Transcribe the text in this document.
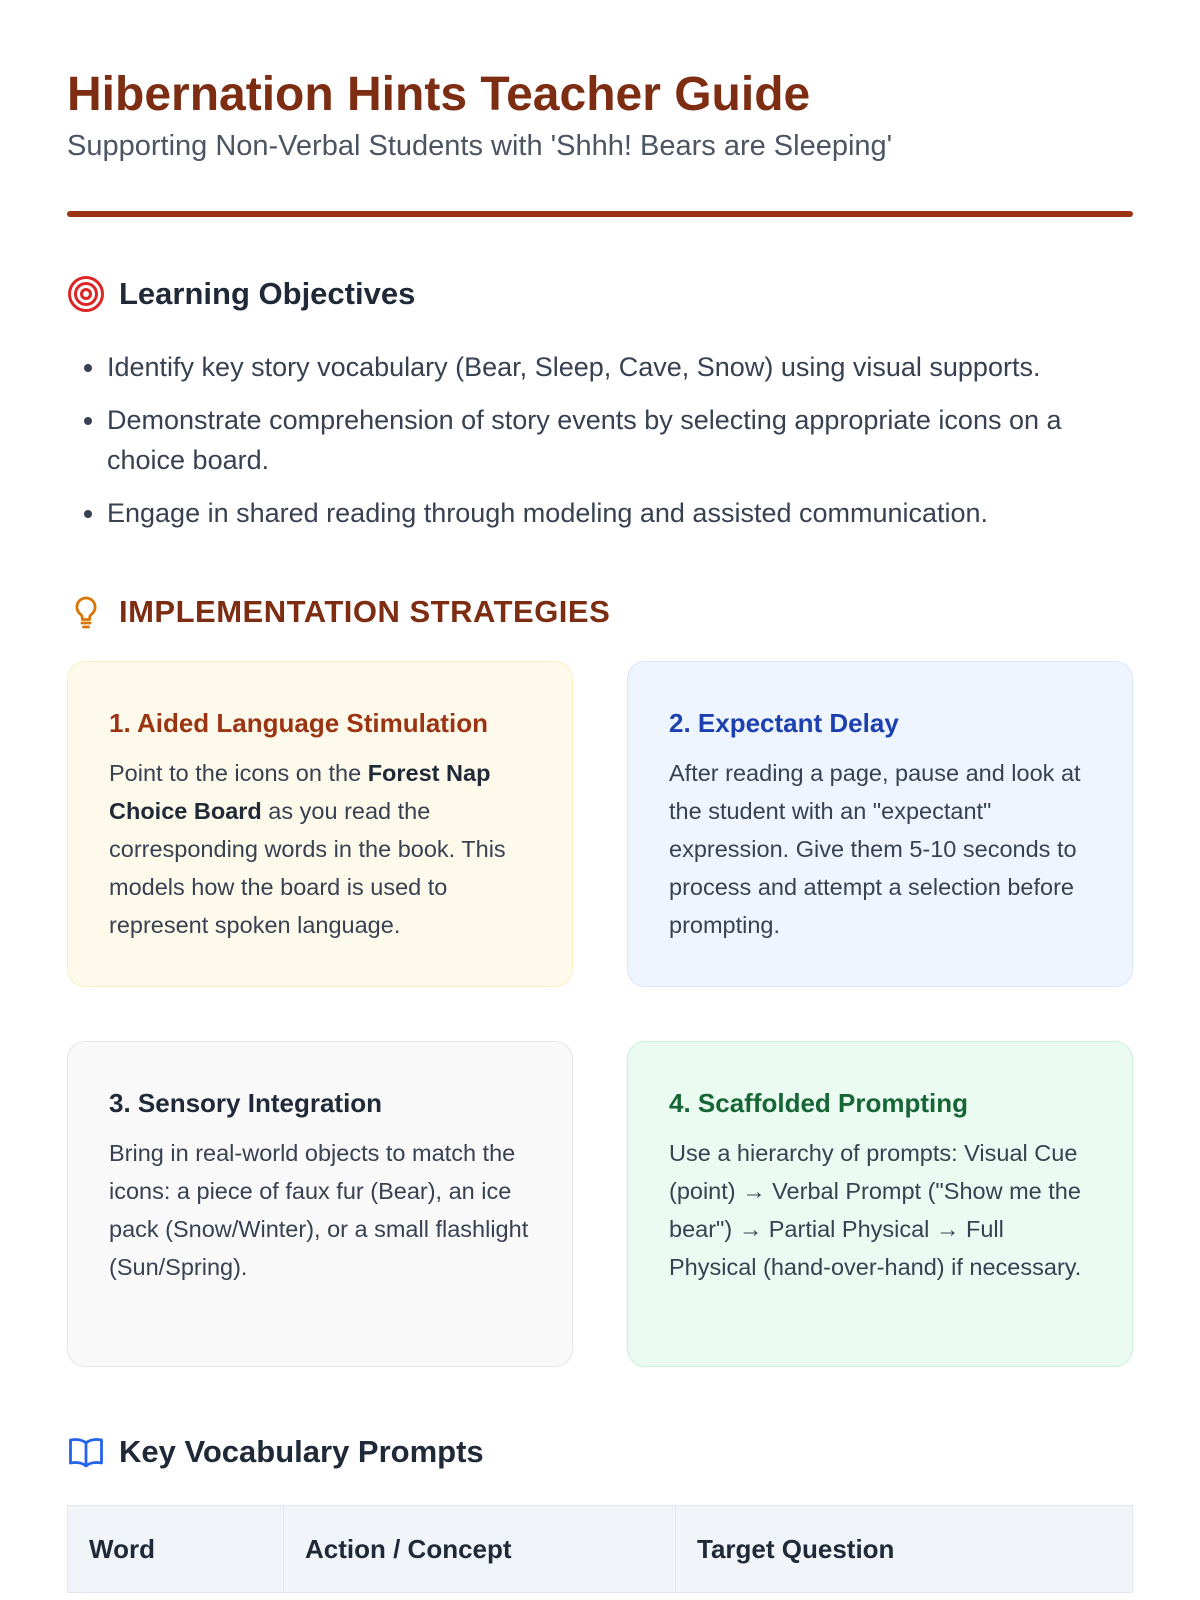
Hibernation Hints Teacher Guide
Supporting Non-Verbal Students with 'Shhh! Bears are Sleeping'
Learning Objectives
• Identify key story vocabulary (Bear, Sleep, Cave, Snow) using visual supports.
• Demonstrate comprehension of story events by selecting appropriate icons on a choice board.
• Engage in shared reading through modeling and assisted communication.
IMPLEMENTATION STRATEGIES
1. Aided Language Stimulation

Point to the icons on the Forest Nap Choice Board as you read the corresponding words in the book. This models how the board is used to represent spoken language.

2. Expectant Delay

After reading a page, pause and look at the student with an "expectant" expression. Give them 5-10 seconds to process and attempt a selection before prompting.

3. Sensory Integration

Bring in real-world objects to match the icons: a piece of faux fur (Bear), an ice pack (Snow/Winter), or a small flashlight (Sun/Spring).

4. Scaffolded Prompting

Use a hierarchy of prompts: Visual Cue (point) → Verbal Prompt ("Show me the bear") → Partial Physical → Full Physical (hand-over-hand) if necessary.

Key Vocabulary Prompts
Word	Action / Concept	Target Question
